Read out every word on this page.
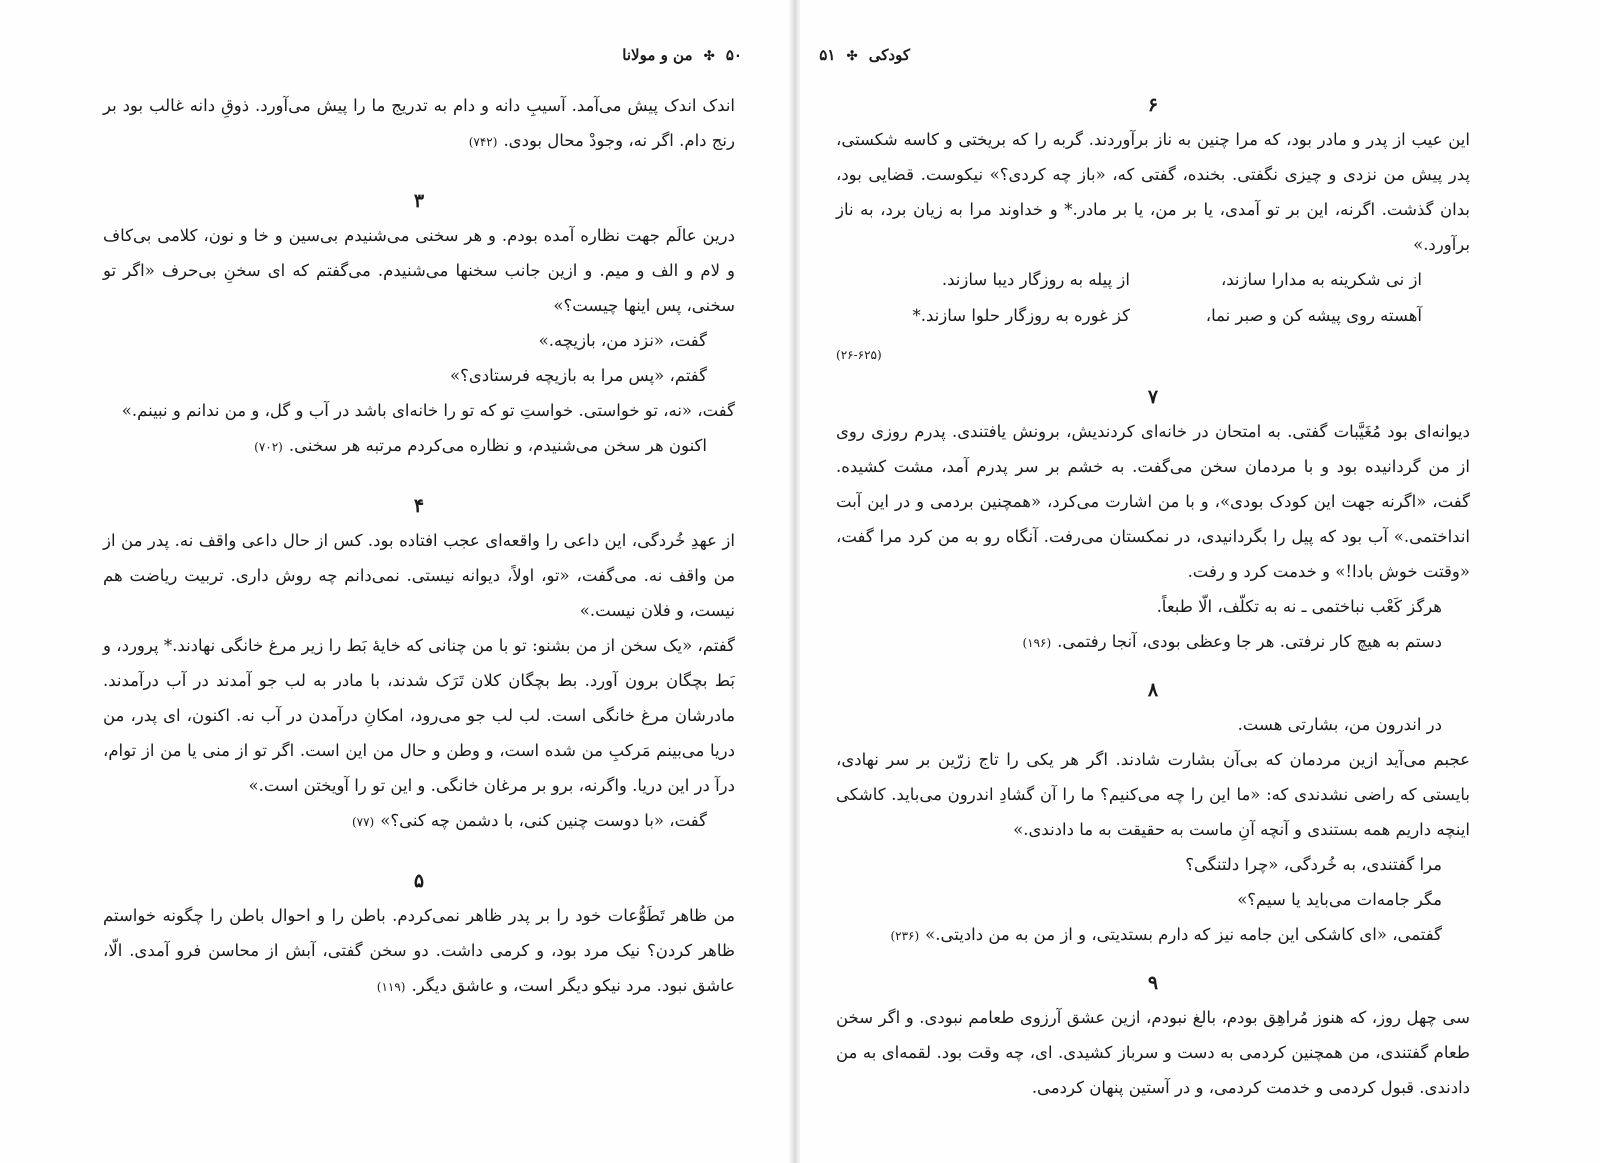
۵۰ ✣ من و مولانا

اندک اندک پیش می‌آمد. آسیبِ دانه و دام به تدریج ما را پیش می‌آورد. ذوقِ دانه غالب بود بر رنج دام. اگر نه، وجودْ محال بودی.(۷۴۲)

۳

درین عالَم جهت نظاره آمده بودم. و هر سخنی می‌شنیدم بی‌سین و خا و نون، کلامی بی‌کاف و لام و الف و میم. و ازین جانب سخنها می‌شنیدم. می‌گفتم که ای سخنِ بی‌حرف «اگر تو سخنی، پس اینها چیست؟»

گفت، «نزد من، بازیچه.»

گفتم، «پس مرا به بازیچه فرستادی؟»

گفت، «نه، تو خواستی. خواستِ تو که تو را خانه‌ای باشد در آب و گل، و من ندانم و نبینم.»

اکنون هر سخن می‌شنیدم، و نظاره می‌کردم مرتبه هر سخنی.(۷۰۲)

۴

از عهدِ خُردگی، این داعی را واقعه‌ای عجب افتاده بود. کس از حال داعی واقف نه. پدر من از من واقف نه. می‌گفت، «تو، اولاً، دیوانه نیستی. نمی‌دانم چه روش داری. تربیت ریاضت هم نیست، و فلان نیست.»

گفتم، «یک سخن از من بشنو: تو با من چنانی که خایهٔ بَط را زیر مرغ خانگی نهادند.* پرورد، و بَط بچگان برون آورد. بط بچگان کلان تَرَک شدند، با مادر به لب جو آمدند در آب درآمدند. مادرشان مرغ خانگی است. لب لب جو می‌رود، امکانِ درآمدن در آب نه. اکنون، ای پدر، من دریا می‌بینم مَرکبِ من شده است، و وطن و حال من این است. اگر تو از منی یا من از توام، درآ در این دریا. واگرنه، برو بر مرغان خانگی. و این تو را آویختن است.»

گفت، «با دوست چنین کنی، با دشمن چه کنی؟»(۷۷)

۵

من ظاهر تَطَوُّعات خود را بر پدر ظاهر نمی‌کردم. باطن را و احوال باطن را چگونه خواستم ظاهر کردن؟ نیک مرد بود، و کرمی داشت. دو سخن گفتی، آبش از محاسن فرو آمدی. الّا، عاشق نبود. مرد نیکو دیگر است، و عاشق دیگر.(۱۱۹)

کودکی ✣ ۵۱
۶

این عیب از پدر و مادر بود، که مرا چنین به ناز برآوردند. گربه را که بریختی و کاسه شکستی، پدر پیش من نزدی و چیزی نگفتی. بخنده، گفتی که، «باز چه کردی؟» نیکوست. قضایی بود، بدان گذشت. اگرنه، این بر تو آمدی، یا بر من، یا بر مادر.* و خداوند مرا به زیان برد، به ناز برآورد.»

از نی شکرینه به مدارا سازند،
از پیله به روزگار دیبا سازند.
آهسته روی پیشه کن و صبر نما،
کز غوره به روزگار حلوا سازند.*
(۲۶-۶۲۵)
۷

دیوانه‌ای بود مُغَیَّبات گفتی. به امتحان در خانه‌ای کردندیش، برونش یافتندی. پدرم روزی روی از من گردانیده بود و با مردمان سخن می‌گفت. به خشم بر سر پدرم آمد، مشت کشیده. گفت، «اگرنه جهت این کودک بودی»، و با من اشارت می‌کرد، «همچنین بردمی و در این آبت انداختمی.» آب بود که پیل را بگردانیدی، در نمکستان می‌رفت. آنگاه رو به من کرد مرا گفت، «وقتت خوش بادا!» و خدمت کرد و رفت.

هرگز کَعْب نباختمی ـ نه به تکلّف، الّا طبعاً.

دستم به هیچ کار نرفتی. هر جا وعظی بودی، آنجا رفتمی.(۱۹۶)

۸

در اندرون من، بشارتی هست.

عجبم می‌آید ازین مردمان که بی‌آن بشارت شادند. اگر هر یکی را تاج زرّین بر سر نهادی، بایستی که راضی نشدندی که: «ما این را چه می‌کنیم؟ ما را آن گشادِ اندرون می‌باید. کاشکی اینچه داریم همه بستندی و آنچه آنِ ماست به حقیقت به ما دادندی.»

مرا گفتندی، به خُردگی، «چرا دلتنگی؟

مگر جامه‌ات می‌باید یا سیم؟»

گفتمی، «ای کاشکی این جامه نیز که دارم بستدیتی، و از من به من دادیتی.»(۲۳۶)

۹

سی چهل روز، که هنوز مُراهِق بودم، بالغ نبودم، ازین عشق آرزوی طعامم نبودی. و اگر سخن طعام گفتندی، من همچنین کردمی به دست و سرباز کشیدی. ای، چه وقت بود. لقمه‌ای به من دادندی. قبول کردمی و خدمت کردمی، و در آستین پنهان کردمی.
